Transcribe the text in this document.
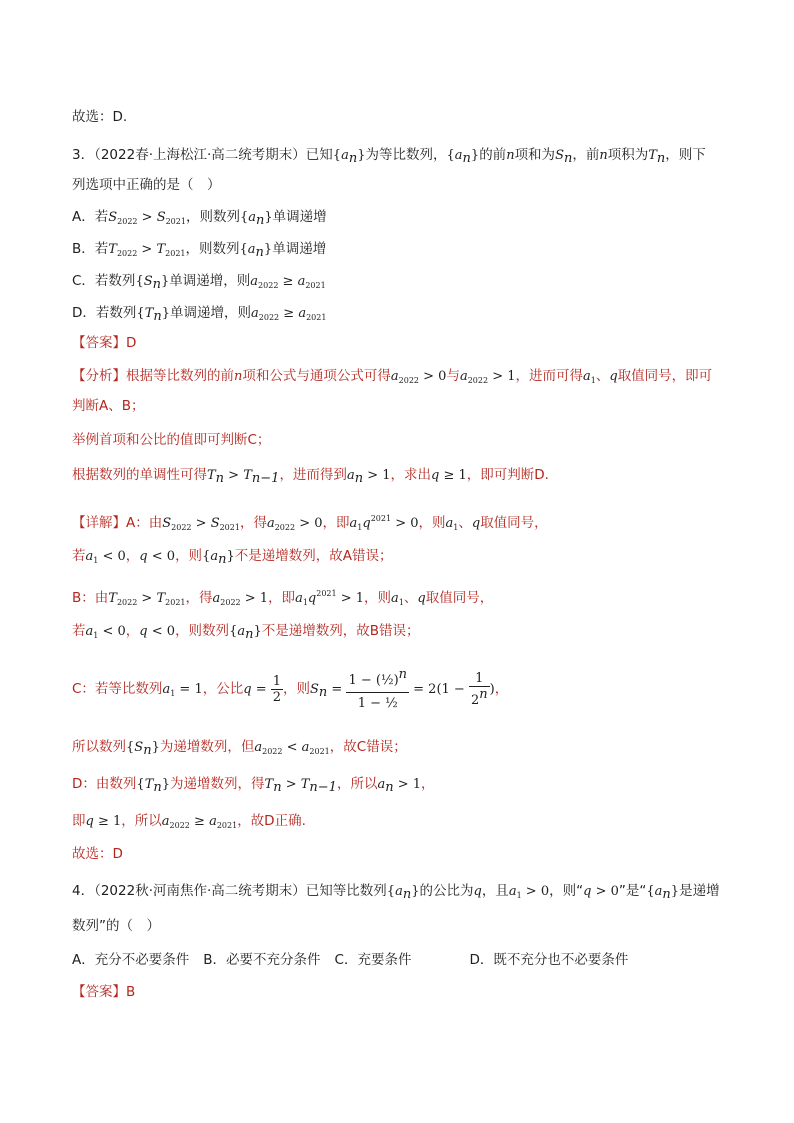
故选：D.
3．（2022春·上海松江·高二统考期末）已知$\{a_n\}$为等比数列，$\{a_n\}$的前n项和为$S_n$，前n项积为$T_n$，则下
列选项中正确的是（　）
A．若$S_{2022} > S_{2021}$，则数列$\{a_n\}$单调递增
B．若$T_{2022} > T_{2021}$，则数列$\{a_n\}$单调递增
C．若数列$\{S_n\}$单调递增，则$a_{2022} \ge a_{2021}$
D．若数列$\{T_n\}$单调递增，则$a_{2022} \ge a_{2021}$
【答案】D
【分析】根据等比数列的前n项和公式与通项公式可得$a_{2022} > 0$与$a_{2022} > 1$，进而可得$a_1$、q取值同号，即可
判断A、B；
举例首项和公比的值即可判断C；
根据数列的单调性可得$T_n > T_{n-1}$，进而得到$a_n > 1$，求出q ≥ 1，即可判断D.
【详解】A：由$S_{2022} > S_{2021}$，得$a_{2022} > 0$，即$a_1q^{2021} > 0$，则$a_1$、q取值同号，
若$a_1 < 0$，q < 0，则$\{a_n\}$不是递增数列，故A错误；
B：由$T_{2022} > T_{2021}$，得$a_{2022} > 1$，即$a_1q^{2021} > 1$，则$a_1$、q取值同号，
若$a_1 < 0$，q < 0，则数列$\{a_n\}$不是递增数列，故B错误；
C：若等比数列$a_1 = 1$，公比$q = \frac{1}{2}$ ，则$S_n = \frac{1 - (\frac{1}{2})^n}{\text{1 − ½}} = 2(1 - \frac{1}{2^n}$ )，
所以数列$\{S_n\}$为递增数列，但$a_{2022} < a_{2021}$，故C错误；
D：由数列$\{T_n\}$为递增数列，得$T_n > T_{n-1}$，所以$a_n > 1$，
即q ≥ 1，所以$a_{2022} \ge a_{2021}$，故D正确.
故选：D
4．（2022秋·河南焦作·高二统考期末）已知等比数列$\{a_n\}$的公比为q，且$a_1 > 0$，则“q > 0”是“$\{a_n\}$是递增
数列”的（　）
A．充分不必要条件 B．必要不充分条件 C．充要条件	D．既不充分也不必要条件
【答案】B
